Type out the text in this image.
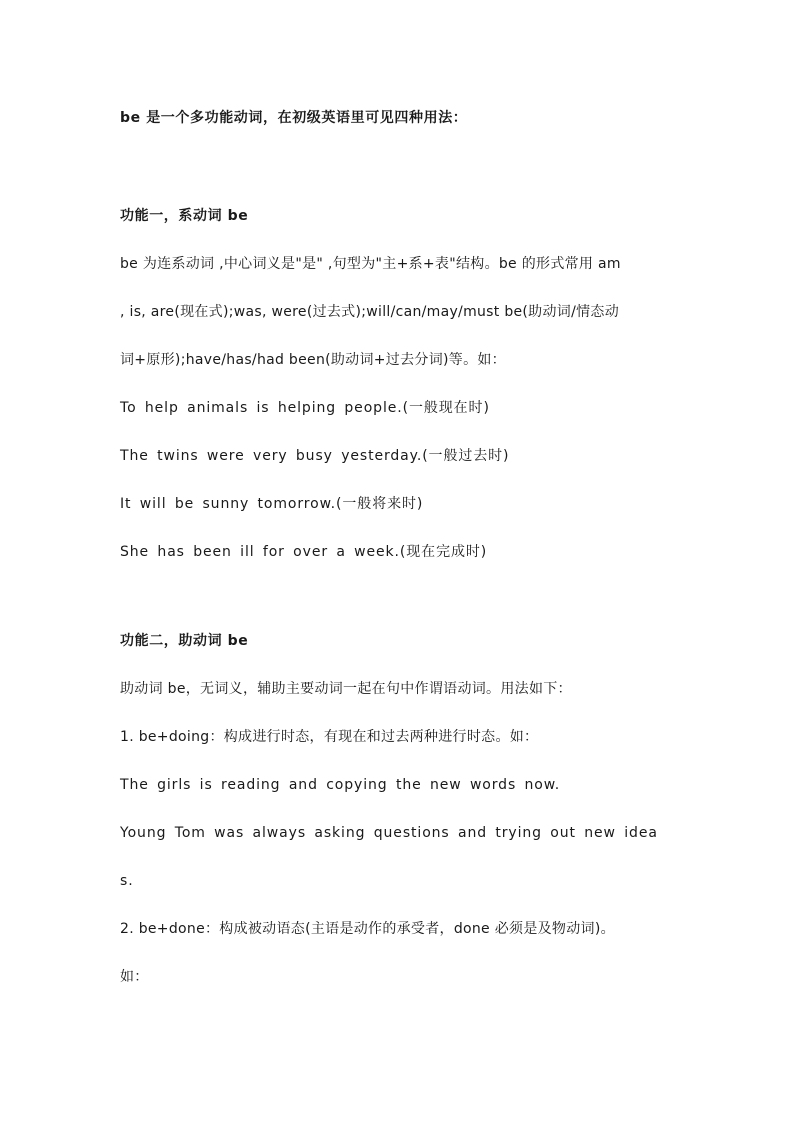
be 是一个多功能动词，在初级英语里可见四种用法：
功能一，系动词 be
be 为连系动词 ,中心词义是"是" ,句型为"主+系+表"结构。be 的形式常用 am
, is, are(现在式);was, were(过去式);will/can/may/must be(助动词/情态动
词+原形);have/has/had been(助动词+过去分词)等。如：
To help animals is helping people.(一般现在时)
The twins were very busy yesterday.(一般过去时)
It will be sunny tomorrow.(一般将来时)
She has been ill for over a week.(现在完成时)
功能二，助动词 be
助动词 be，无词义，辅助主要动词一起在句中作谓语动词。用法如下：
1. be+doing：构成进行时态，有现在和过去两种进行时态。如：
The girls is reading and copying the new words now.
Young Tom was always asking questions and trying out new idea
s.
2. be+done：构成被动语态(主语是动作的承受者，done 必须是及物动词)。
如：
